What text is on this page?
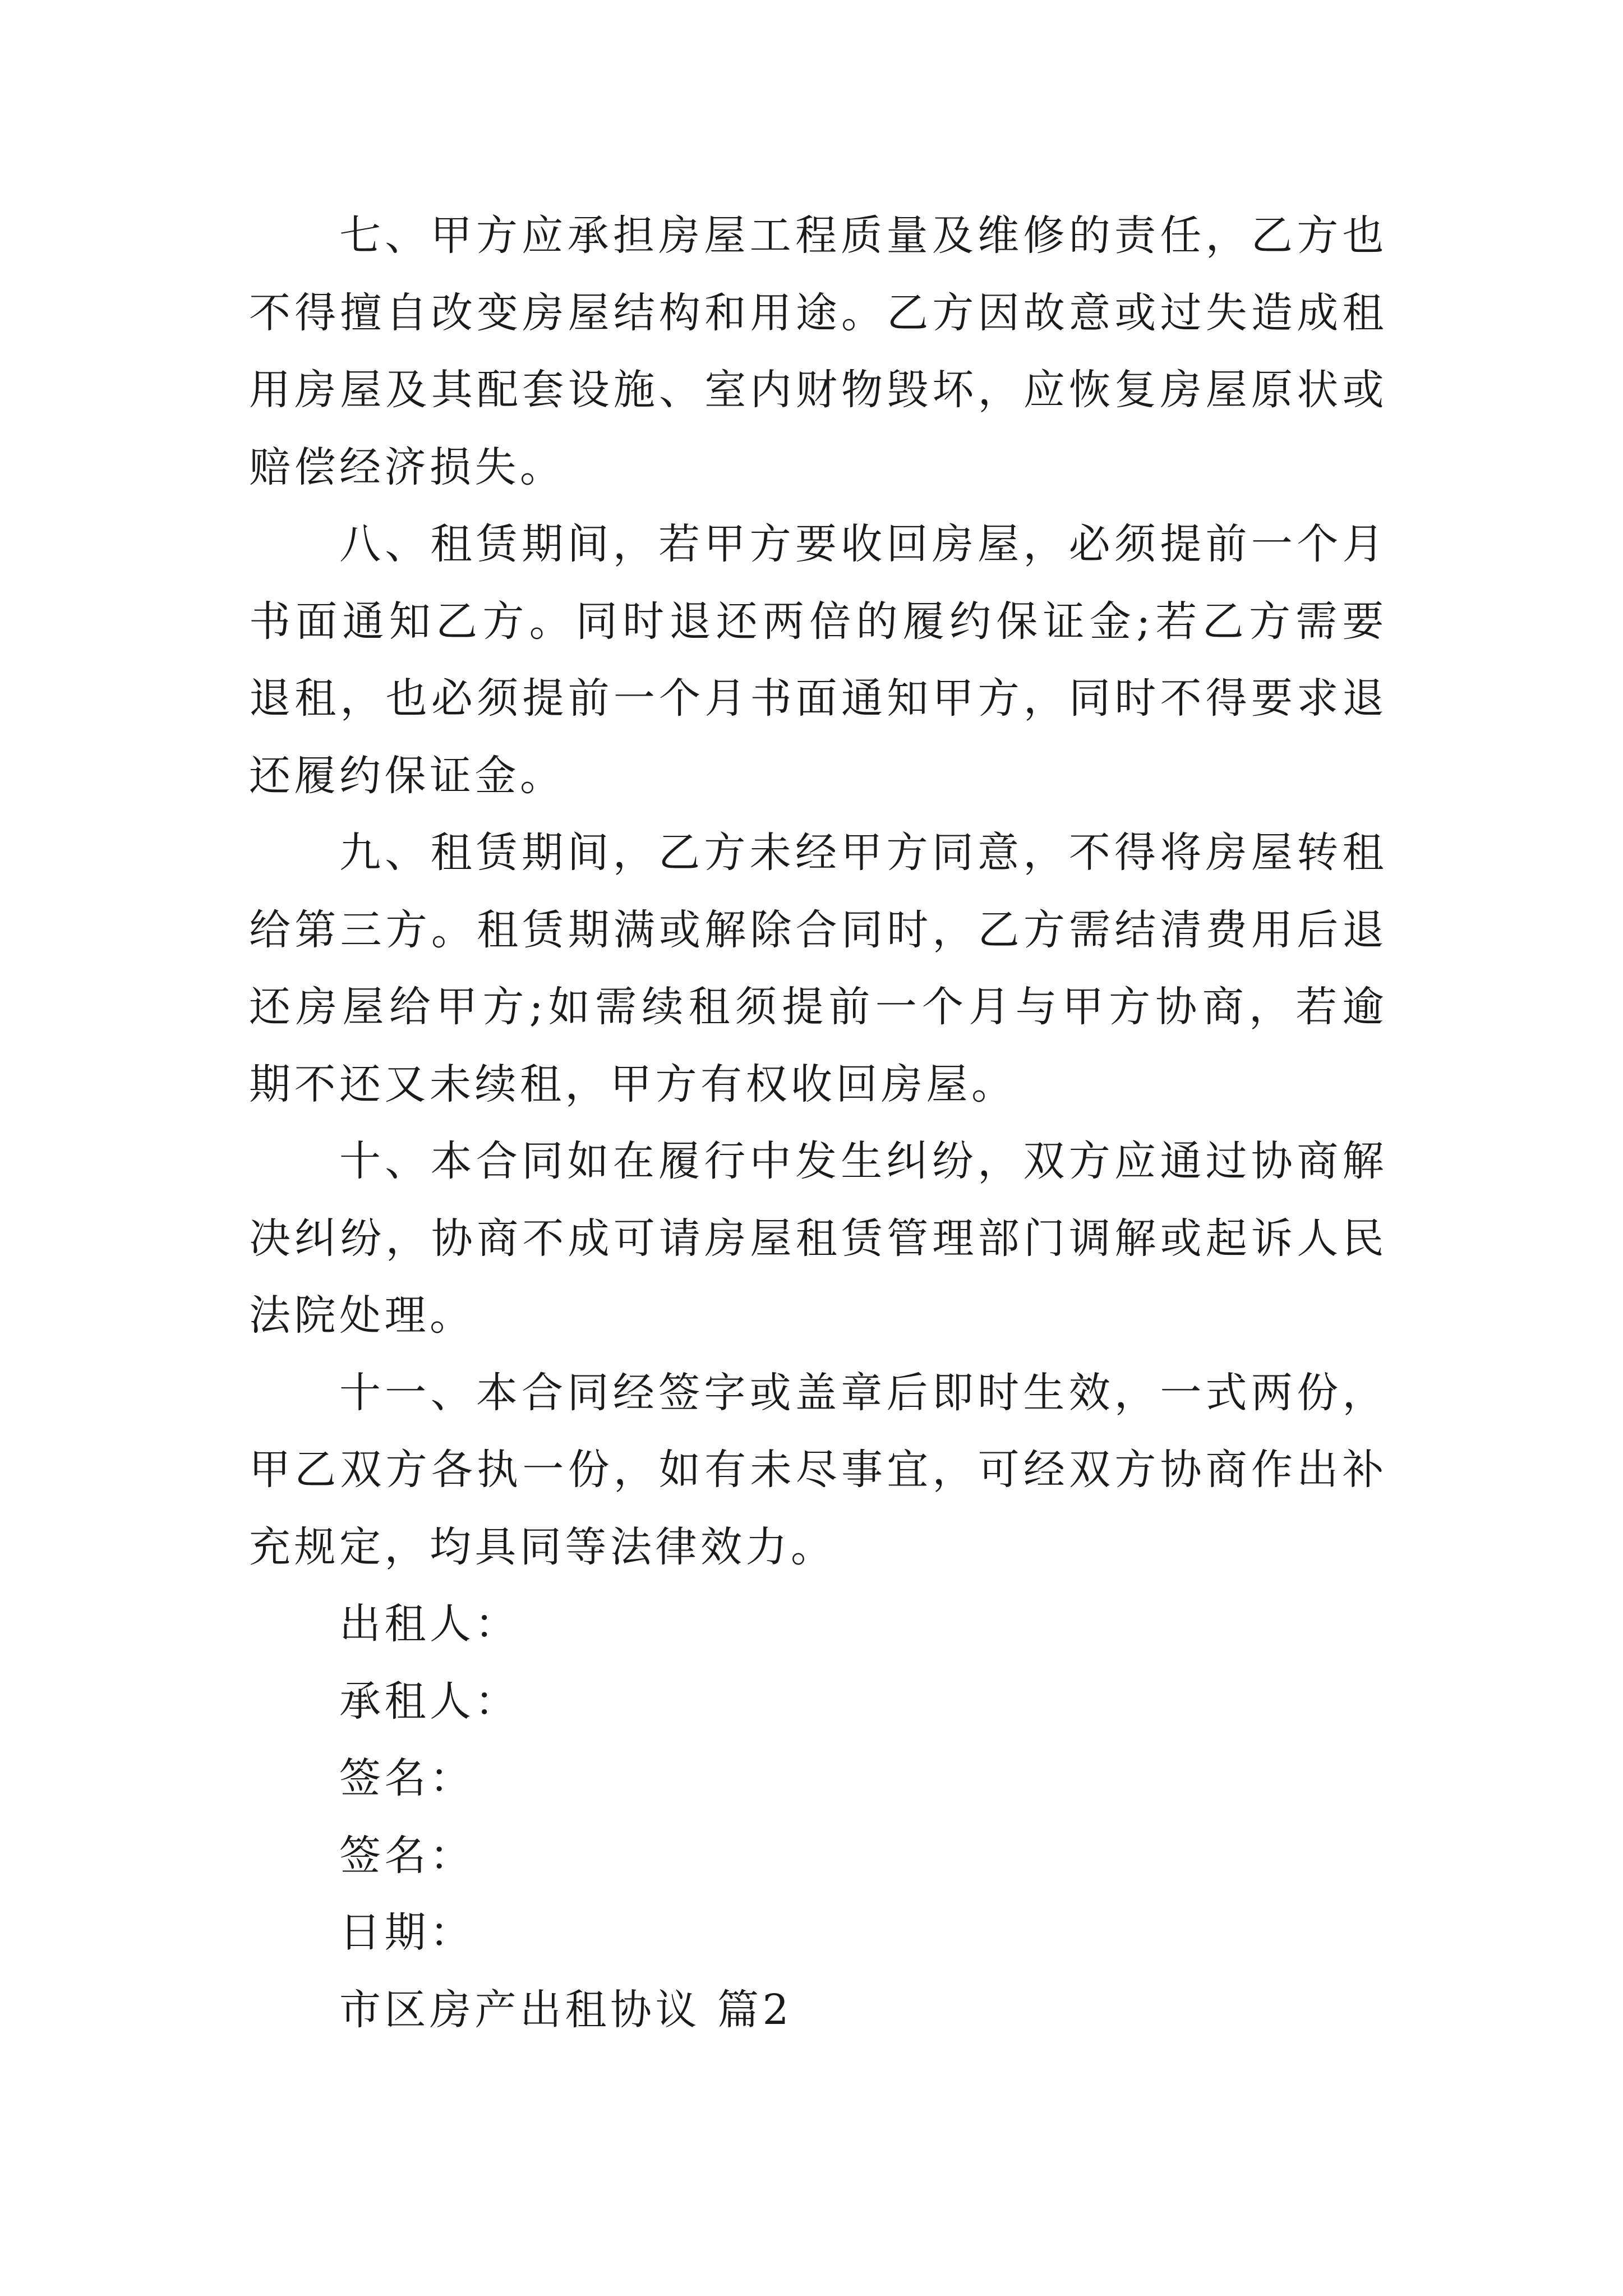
七、甲方应承担房屋工程质量及维修的责任，乙方也不得擅自改变房屋结构和用途。乙方因故意或过失造成租用房屋及其配套设施、室内财物毁坏，应恢复房屋原状或赔偿经济损失。

八、租赁期间，若甲方要收回房屋，必须提前一个月书面通知乙方。同时退还两倍的履约保证金;若乙方需要退租，也必须提前一个月书面通知甲方，同时不得要求退还履约保证金。

九、租赁期间，乙方未经甲方同意，不得将房屋转租给第三方。租赁期满或解除合同时，乙方需结清费用后退还房屋给甲方;如需续租须提前一个月与甲方协商，若逾期不还又未续租，甲方有权收回房屋。

十、本合同如在履行中发生纠纷，双方应通过协商解决纠纷，协商不成可请房屋租赁管理部门调解或起诉人民法院处理。

十一、本合同经签字或盖章后即时生效，一式两份，甲乙双方各执一份，如有未尽事宜，可经双方协商作出补充规定，均具同等法律效力。

出租人：

承租人：

签名：

签名：

日期：

市区房产出租协议 篇2
